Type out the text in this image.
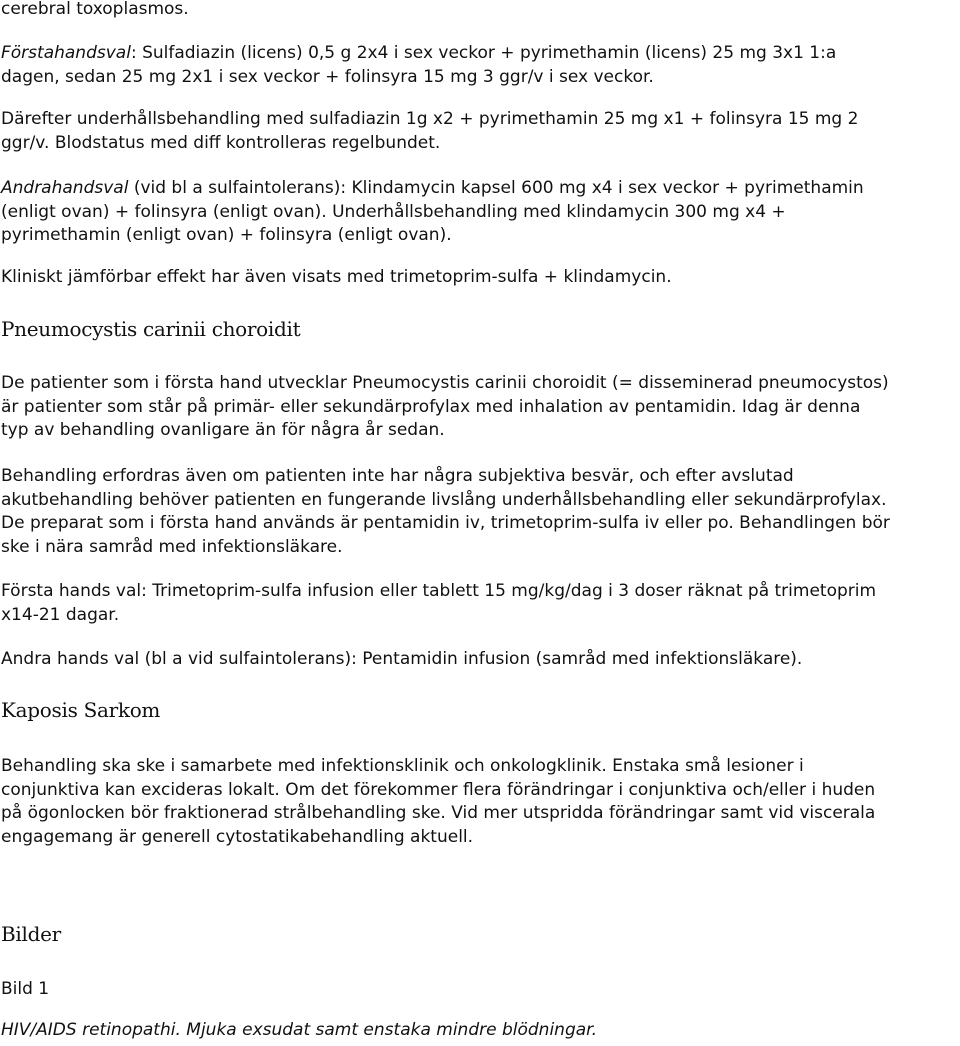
cerebral toxoplasmos.

Förstahandsval: Sulfadiazin (licens) 0,5 g 2x4 i sex veckor + pyrimethamin (licens) 25 mg 3x1 1:a
dagen, sedan 25 mg 2x1 i sex veckor + folinsyra 15 mg 3 ggr/v i sex veckor.

Därefter underhållsbehandling med sulfadiazin 1g x2 + pyrimethamin 25 mg x1 + folinsyra 15 mg 2
ggr/v. Blodstatus med diff kontrolleras regelbundet.

Andrahandsval (vid bl a sulfaintolerans): Klindamycin kapsel 600 mg x4 i sex veckor + pyrimethamin
(enligt ovan) + folinsyra (enligt ovan). Underhållsbehandling med klindamycin 300 mg x4 +
pyrimethamin (enligt ovan) + folinsyra (enligt ovan).

Kliniskt jämförbar effekt har även visats med trimetoprim-sulfa + klindamycin.

Pneumocystis carinii choroidit

De patienter som i första hand utvecklar Pneumocystis carinii choroidit (= disseminerad pneumocystos)
är patienter som står på primär- eller sekundärprofylax med inhalation av pentamidin. Idag är denna
typ av behandling ovanligare än för några år sedan.

Behandling erfordras även om patienten inte har några subjektiva besvär, och efter avslutad
akutbehandling behöver patienten en fungerande livslång underhållsbehandling eller sekundärprofylax.
De preparat som i första hand används är pentamidin iv, trimetoprim-sulfa iv eller po. Behandlingen bör
ske i nära samråd med infektionsläkare.

Första hands val: Trimetoprim-sulfa infusion eller tablett 15 mg/kg/dag i 3 doser räknat på trimetoprim
x14-21 dagar.

Andra hands val (bl a vid sulfaintolerans): Pentamidin infusion (samråd med infektionsläkare).

Kaposis Sarkom

Behandling ska ske i samarbete med infektionsklinik och onkologklinik. Enstaka små lesioner i
conjunktiva kan excideras lokalt. Om det förekommer flera förändringar i conjunktiva och/eller i huden
på ögonlocken bör fraktionerad strålbehandling ske. Vid mer utspridda förändringar samt vid viscerala
engagemang är generell cytostatikabehandling aktuell.

Bilder

Bild 1

HIV/AIDS retinopathi. Mjuka exsudat samt enstaka mindre blödningar.
